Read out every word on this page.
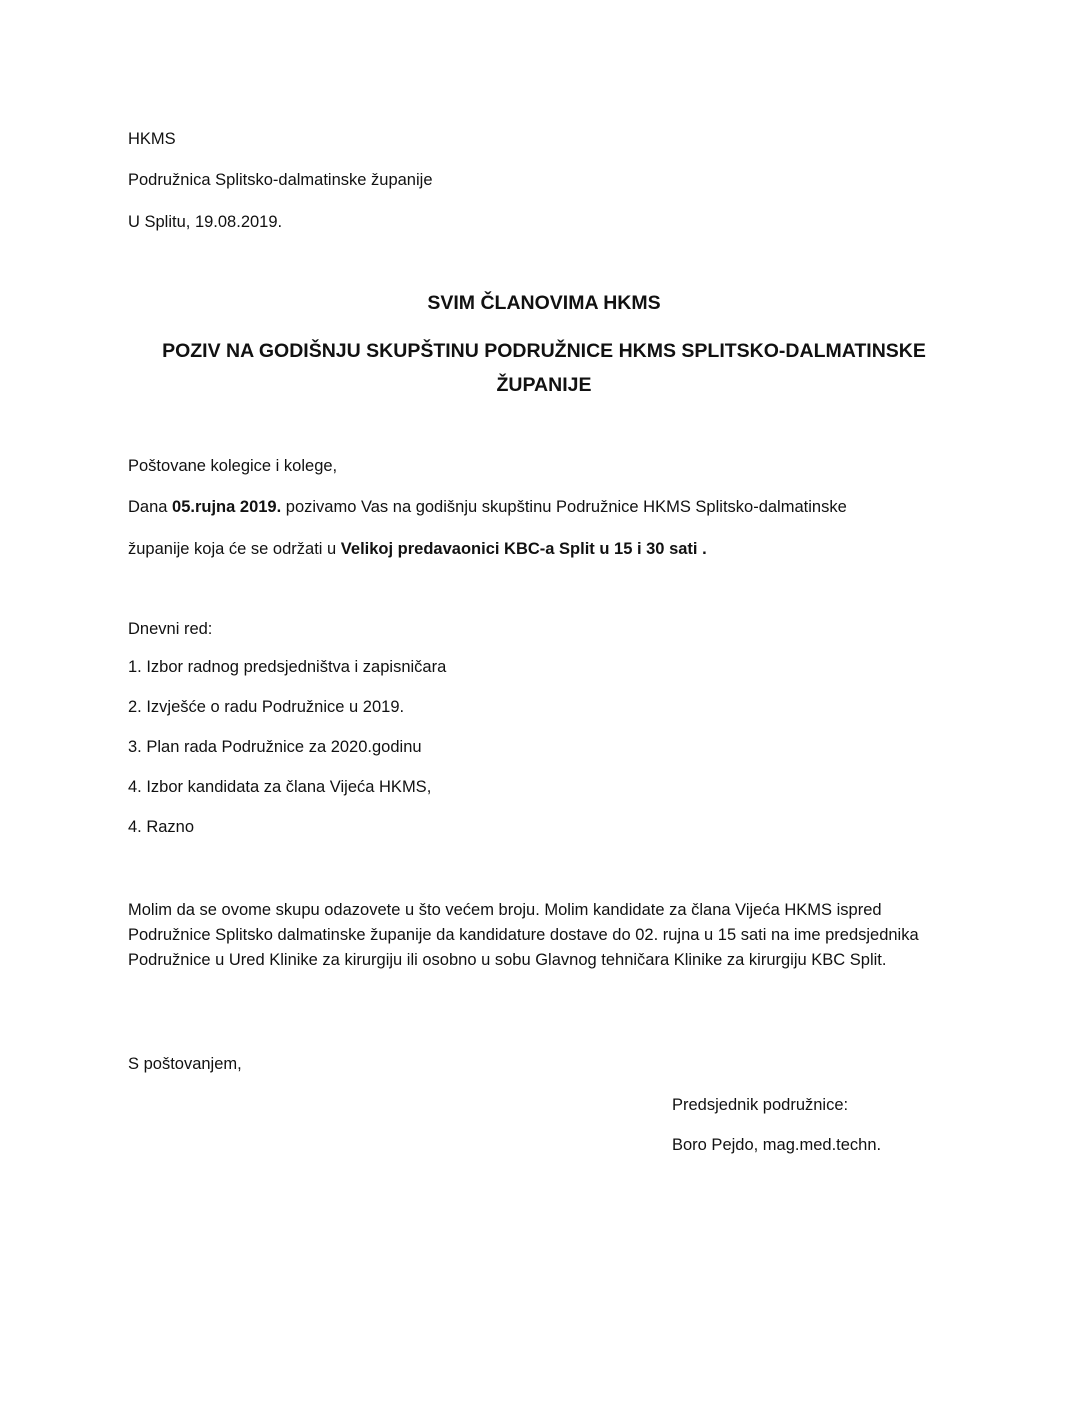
HKMS

Podružnica Splitsko-dalmatinske županije

U Splitu, 19.08.2019.

SVIM ČLANOVIMA HKMS

POZIV NA GODIŠNJU SKUPŠTINU PODRUŽNICE HKMS SPLITSKO-DALMATINSKE

ŽUPANIJE

Poštovane kolegice i kolege,

Dana 05.rujna 2019. pozivamo Vas na godišnju skupštinu Podružnice HKMS Splitsko-dalmatinske

županije koja će se održati u Velikoj predavaonici KBC-a Split u 15 i 30 sati .

Dnevni red:

1. Izbor radnog predsjedništva i zapisničara

2. Izvješće o radu Podružnice u 2019.

3. Plan rada Podružnice za 2020.godinu

4. Izbor kandidata za člana Vijeća HKMS,

4. Razno

Molim da se ovome skupu odazovete u što većem broju. Molim kandidate za člana Vijeća HKMS ispred Podružnice Splitsko dalmatinske županije da kandidature dostave do 02. rujna u 15 sati na ime predsjednika Podružnice u Ured Klinike za kirurgiju ili osobno u sobu Glavnog tehničara Klinike za kirurgiju KBC Split.

S poštovanjem,

Predsjednik podružnice:

Boro Pejdo, mag.med.techn.
